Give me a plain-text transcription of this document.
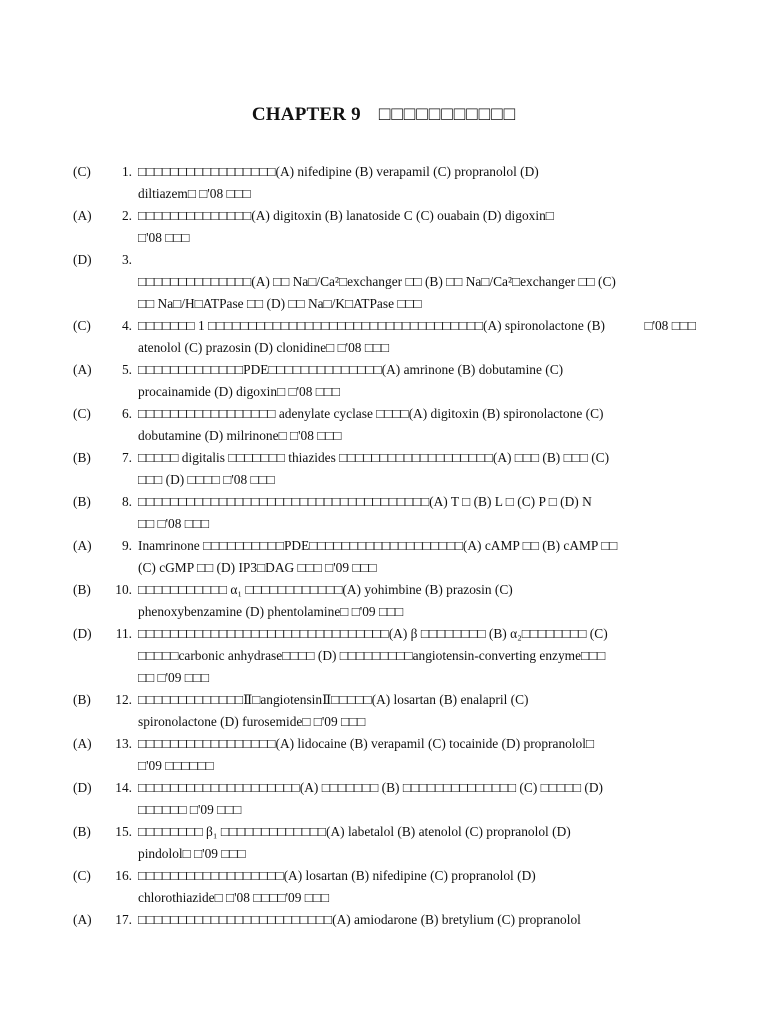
CHAPTER 9 □□□□□□□□□□□
(C)	1. □□□□□□□□□□□□□□□□□(A) nifedipine (B) verapamil (C) propranolol (D)
diltiazem□ □'08 □□□
(A)	2. □□□□□□□□□□□□□□(A) digitoxin (B) lanatoside C (C) ouabain (D) digoxin□
□'08 □□□
(D)	3.

□□□□□□□□□□□□□□(A) □□ Na□/Ca²□exchanger □□ (B) □□ Na□/Ca²□exchanger □□ (C)
□□ Na□/H□ATPase □□ (D) □□ Na□/K□ATPase □□□

□'08 □□□

(C)	4. □□□□□□□ 1 □□□□□□□□□□□□□□□□□□□□□□□□□□□□□□□□□□(A) spironolactone (B)
atenolol (C) prazosin (D) clonidine□ □'08 □□□
(A)	5. □□□□□□□□□□□□□PDE□□□□□□□□□□□□□□(A) amrinone (B) dobutamine (C)
procainamide (D) digoxin□ □'08 □□□
(C)	6. □□□□□□□□□□□□□□□□□ adenylate cyclase □□□□(A) digitoxin (B) spironolactone (C)
dobutamine (D) milrinone□ □'08 □□□
(B)	7. □□□□□ digitalis □□□□□□□ thiazides □□□□□□□□□□□□□□□□□□□(A) □□□ (B) □□□ (C)
□□□ (D) □□□□ □'08 □□□
(B)	8. □□□□□□□□□□□□□□□□□□□□□□□□□□□□□□□□□□□□(A) T □ (B) L □ (C) P □ (D) N
□□ □'08 □□□
(A)	9. Inamrinone □□□□□□□□□□PDE□□□□□□□□□□□□□□□□□□□(A) cAMP □□ (B) cAMP □□
(C) cGMP □□ (D) IP3□DAG □□□ □'09 □□□
(B)	10. □□□□□□□□□□□ α₁ □□□□□□□□□□□□(A) yohimbine (B) prazosin (C)
phenoxybenzamine (D) phentolamine□ □'09 □□□
(D)	11. □□□□□□□□□□□□□□□□□□□□□□□□□□□□□□□(A) β □□□□□□□□ (B) α₂□□□□□□□□ (C)
□□□□□carbonic anhydrase□□□□ (D) □□□□□□□□□angiotensin-converting enzyme□□□
□□ □'09 □□□
(B)	12. □□□□□□□□□□□□□Ⅱ□angiotensinⅡ□□□□□(A) losartan (B) enalapril (C)
spironolactone (D) furosemide□ □'09 □□□
(A)	13. □□□□□□□□□□□□□□□□□(A) lidocaine (B) verapamil (C) tocainide (D) propranolol□
□'09 □□□□□□
(D)	14. □□□□□□□□□□□□□□□□□□□□(A) □□□□□□□ (B) □□□□□□□□□□□□□□ (C) □□□□□ (D)
□□□□□□ □'09 □□□
(B)	15. □□□□□□□□ β₁ □□□□□□□□□□□□□(A) labetalol (B) atenolol (C) propranolol (D)
pindolol□ □'09 □□□
(C)	16. □□□□□□□□□□□□□□□□□□(A) losartan (B) nifedipine (C) propranolol (D)
chlorothiazide□ □'08 □□□□'09 □□□
(A)	17. □□□□□□□□□□□□□□□□□□□□□□□□(A) amiodarone (B) bretylium (C) propranolol
